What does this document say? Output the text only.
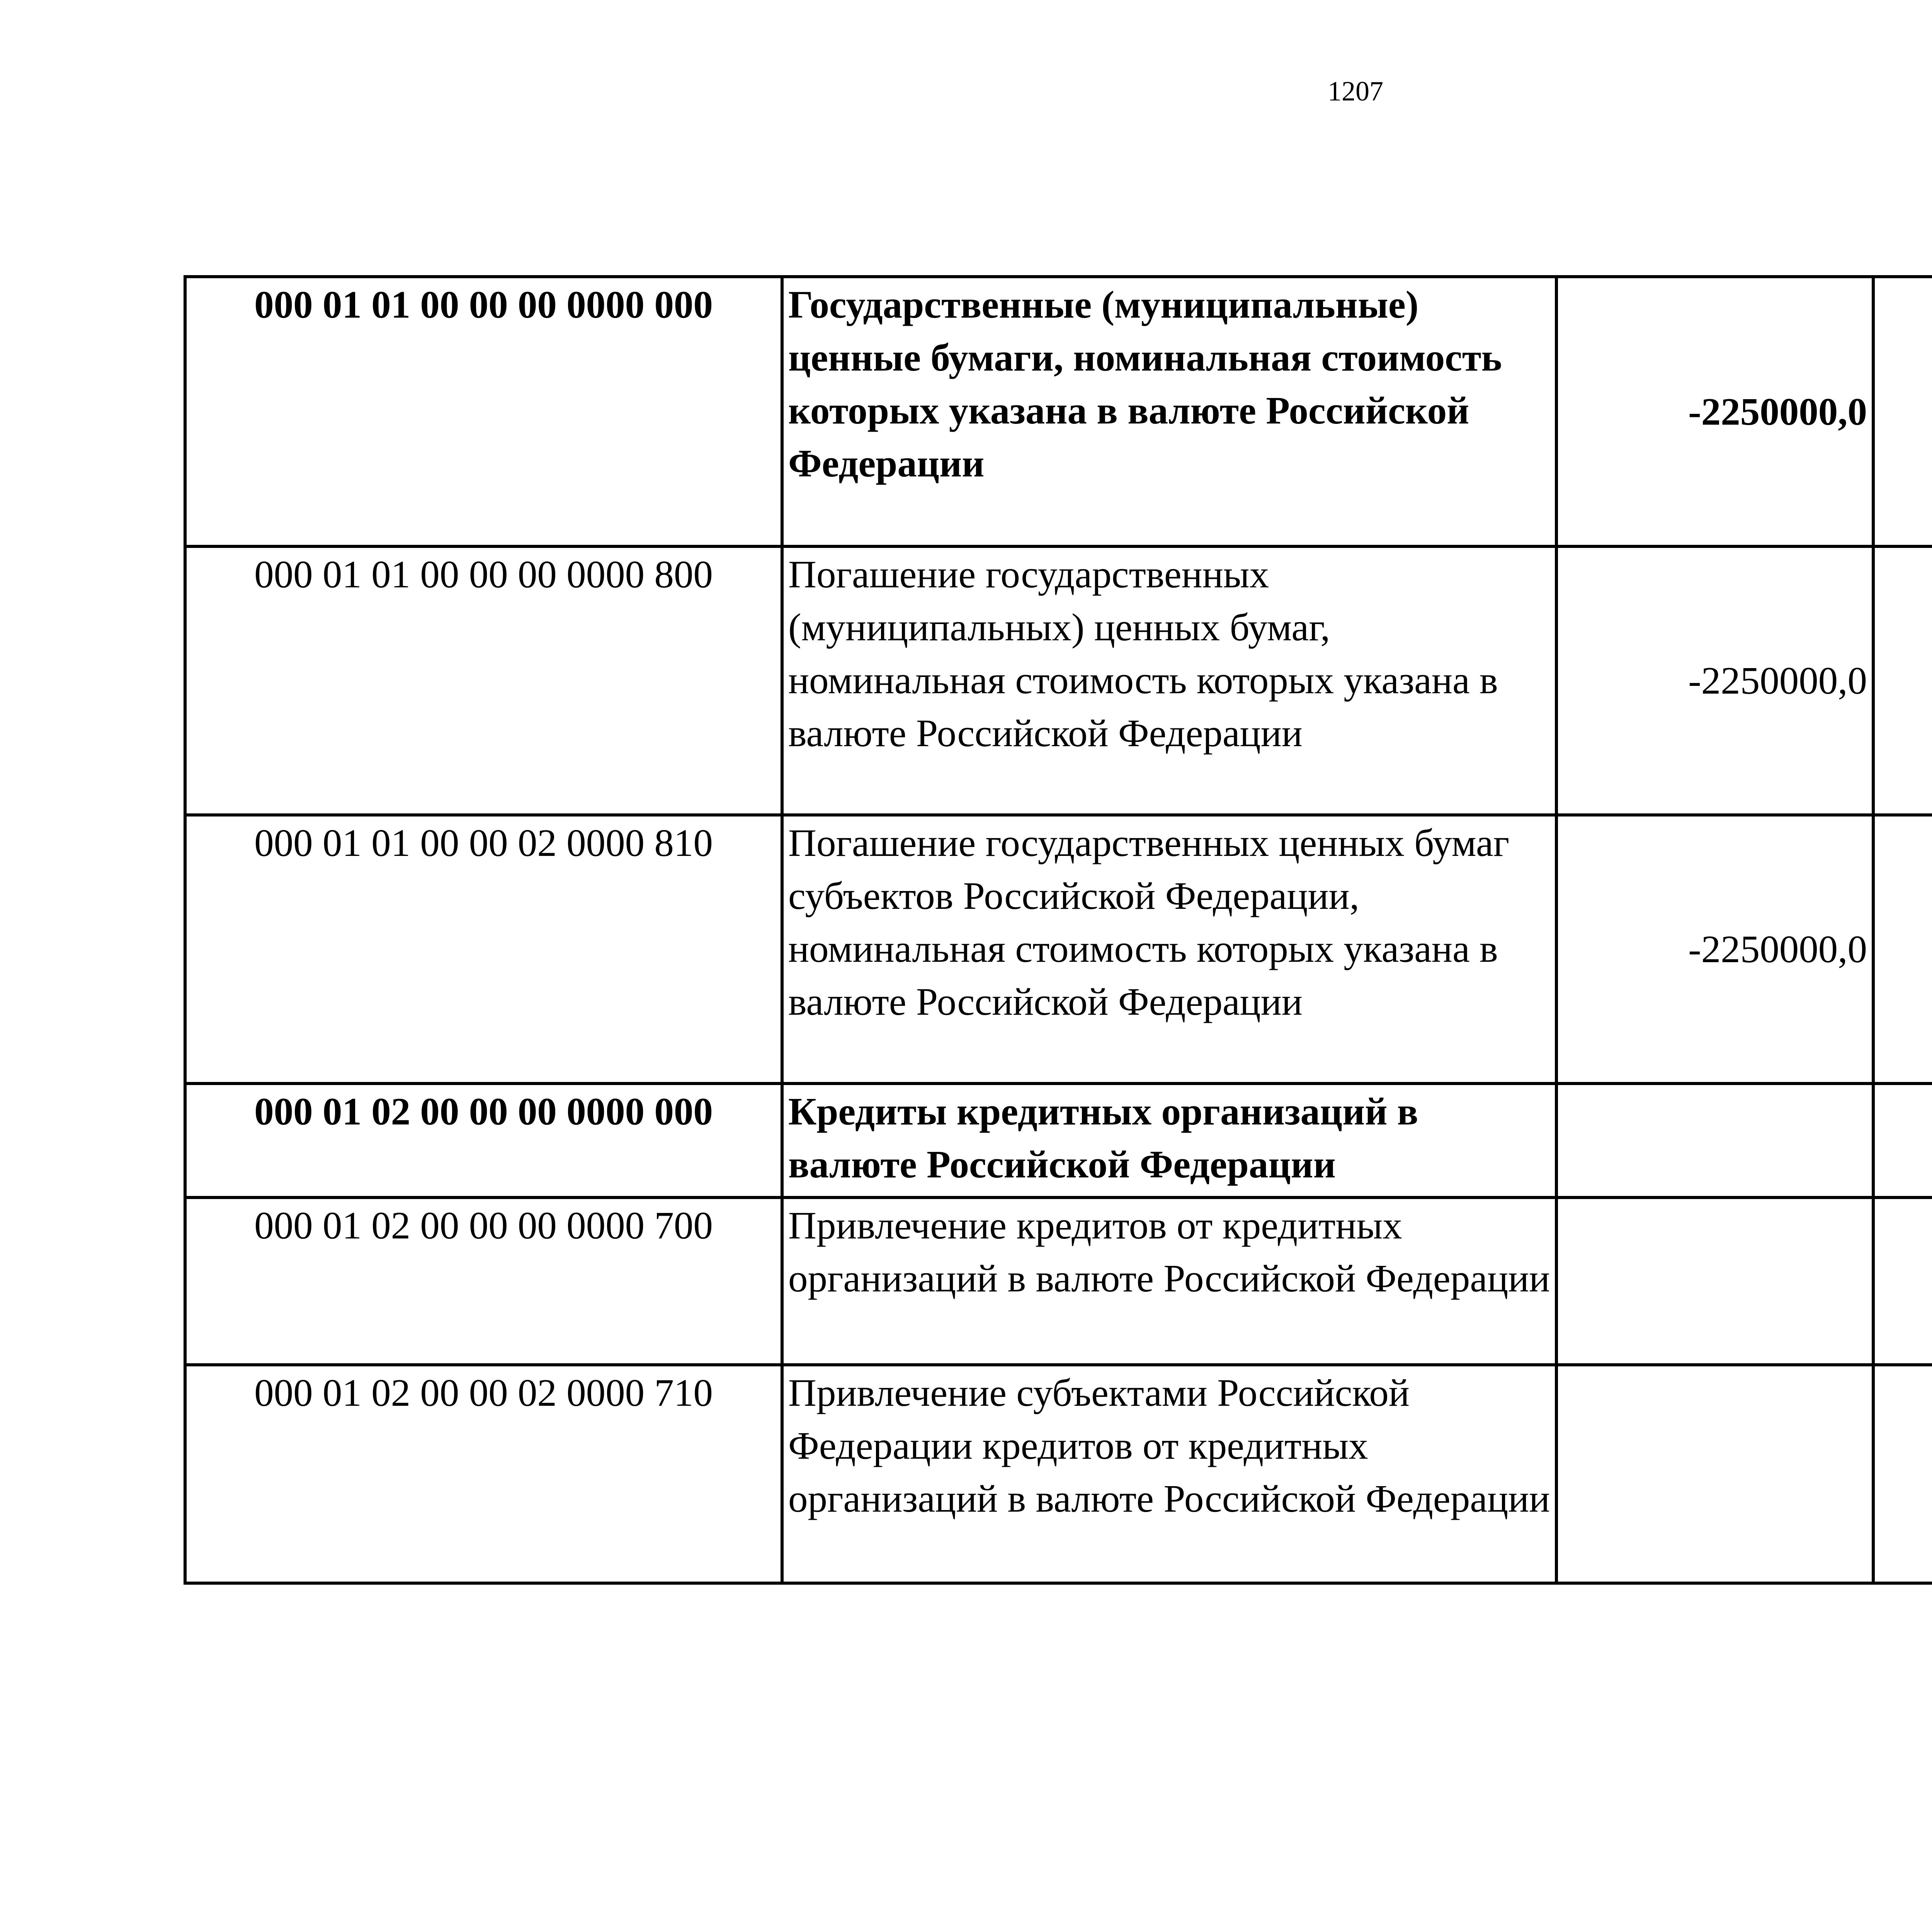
1207
000 01 01 00 00 00 0000 000	Государственные (муниципальные) ценные бумаги, номинальная стоимость которых указана в валюте Российской Федерации	-2250000,0		
000 01 01 00 00 00 0000 800	Погашение государственных (муниципальных) ценных бумаг, номинальная стоимость которых указана в валюте Российской Федерации	-2250000,0		
000 01 01 00 00 02 0000 810	Погашение государственных ценных бумаг субъектов Российской Федерации, номинальная стоимость которых указана в валюте Российской Федерации	-2250000,0		
000 01 02 00 00 00 0000 000	Кредиты кредитных организаций в валюте Российской Федерации			
000 01 02 00 00 00 0000 700	Привлечение кредитов от кредитных организаций в валюте Российской Федерации			
000 01 02 00 00 02 0000 710	Привлечение субъектами Российской Федерации кредитов от кредитных организаций в валюте Российской Федерации			
